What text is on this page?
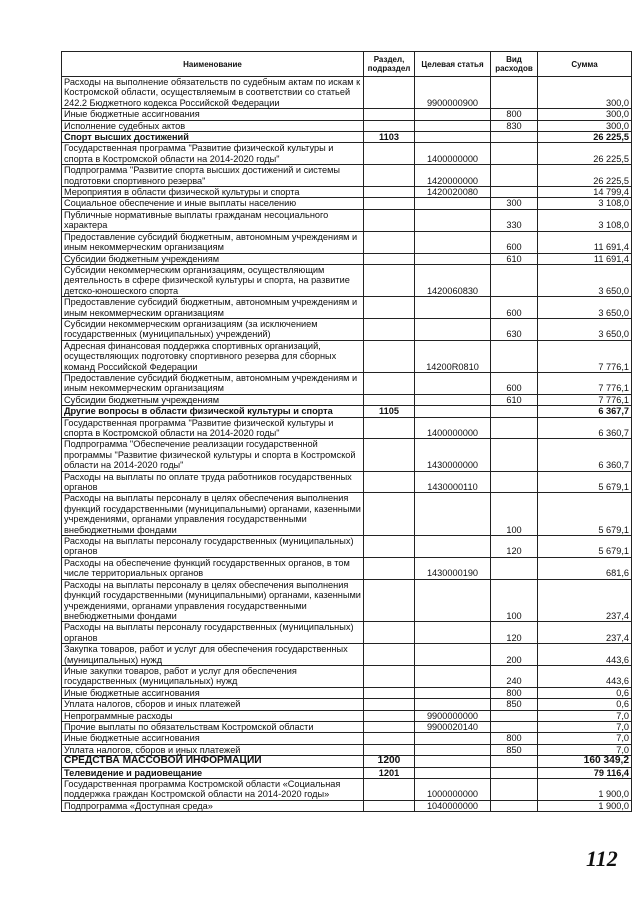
Наименование	Раздел, подраздел	Целевая статья	Вид расходов	Сумма
Расходы на выполнение обязательств по судебным актам по искам к Костромской области, осуществляемым в соответствии со статьей 242.2 Бюджетного кодекса Российской Федерации		9900000900		300,0
Иные бюджетные ассигнования			800	300,0
Исполнение судебных актов			830	300,0
Спорт высших достижений	1103			26 225,5
Государственная программа "Развитие физической культуры и спорта в Костромской области на 2014-2020 годы"		1400000000		26 225,5
Подпрограмма "Развитие спорта высших достижений и системы подготовки спортивного резерва"		1420000000		26 225,5
Мероприятия в области физической культуры и спорта		1420020080		14 799,4
Социальное обеспечение и иные выплаты населению			300	3 108,0
Публичные нормативные выплаты гражданам несоциального характера			330	3 108,0
Предоставление субсидий бюджетным, автономным учреждениям и иным некоммерческим организациям			600	11 691,4
Субсидии бюджетным учреждениям			610	11 691,4
Субсидии некоммерческим организациям, осуществляющим деятельность в сфере физической культуры и спорта, на развитие детско-юношеского спорта		1420060830		3 650,0
Предоставление субсидий бюджетным, автономным учреждениям и иным некоммерческим организациям			600	3 650,0
Субсидии некоммерческим организациям (за исключением государственных (муниципальных) учреждений)			630	3 650,0
Адресная финансовая поддержка спортивных организаций, осуществляющих подготовку спортивного резерва для сборных команд Российской Федерации		14200R0810		7 776,1
Предоставление субсидий бюджетным, автономным учреждениям и иным некоммерческим организациям			600	7 776,1
Субсидии бюджетным учреждениям			610	7 776,1
Другие вопросы в области физической культуры и спорта	1105			6 367,7
Государственная программа "Развитие физической культуры и спорта в Костромской области на 2014-2020 годы"		1400000000		6 360,7
Подпрограмма "Обеспечение реализации государственной программы "Развитие физической культуры и спорта в Костромской области на 2014-2020 годы"		1430000000		6 360,7
Расходы на выплаты по оплате труда работников государственных органов		1430000110		5 679,1
Расходы на выплаты персоналу в целях обеспечения выполнения функций государственными (муниципальными) органами, казенными учреждениями, органами управления государственными внебюджетными фондами			100	5 679,1
Расходы на выплаты персоналу государственных (муниципальных) органов			120	5 679,1
Расходы на обеспечение функций государственных органов, в том числе территориальных органов		1430000190		681,6
Расходы на выплаты персоналу в целях обеспечения выполнения функций государственными (муниципальными) органами, казенными учреждениями, органами управления государственными внебюджетными фондами			100	237,4
Расходы на выплаты персоналу государственных (муниципальных) органов			120	237,4
Закупка товаров, работ и услуг для обеспечения государственных (муниципальных) нужд			200	443,6
Иные закупки товаров, работ и услуг для обеспечения государственных (муниципальных) нужд			240	443,6
Иные бюджетные ассигнования			800	0,6
Уплата налогов, сборов и иных платежей			850	0,6
Непрограммные расходы		9900000000		7,0
Прочие выплаты по обязательствам Костромской области		9900020140		7,0
Иные бюджетные ассигнования			800	7,0
Уплата налогов, сборов и иных платежей			850	7,0
СРЕДСТВА МАССОВОЙ ИНФОРМАЦИИ	1200			160 349,2
Телевидение и радиовещание	1201			79 116,4
Государственная программа Костромской области «Социальная поддержка граждан Костромской области на 2014-2020 годы»		1000000000		1 900,0
Подпрограмма «Доступная среда»		1040000000		1 900,0
112
